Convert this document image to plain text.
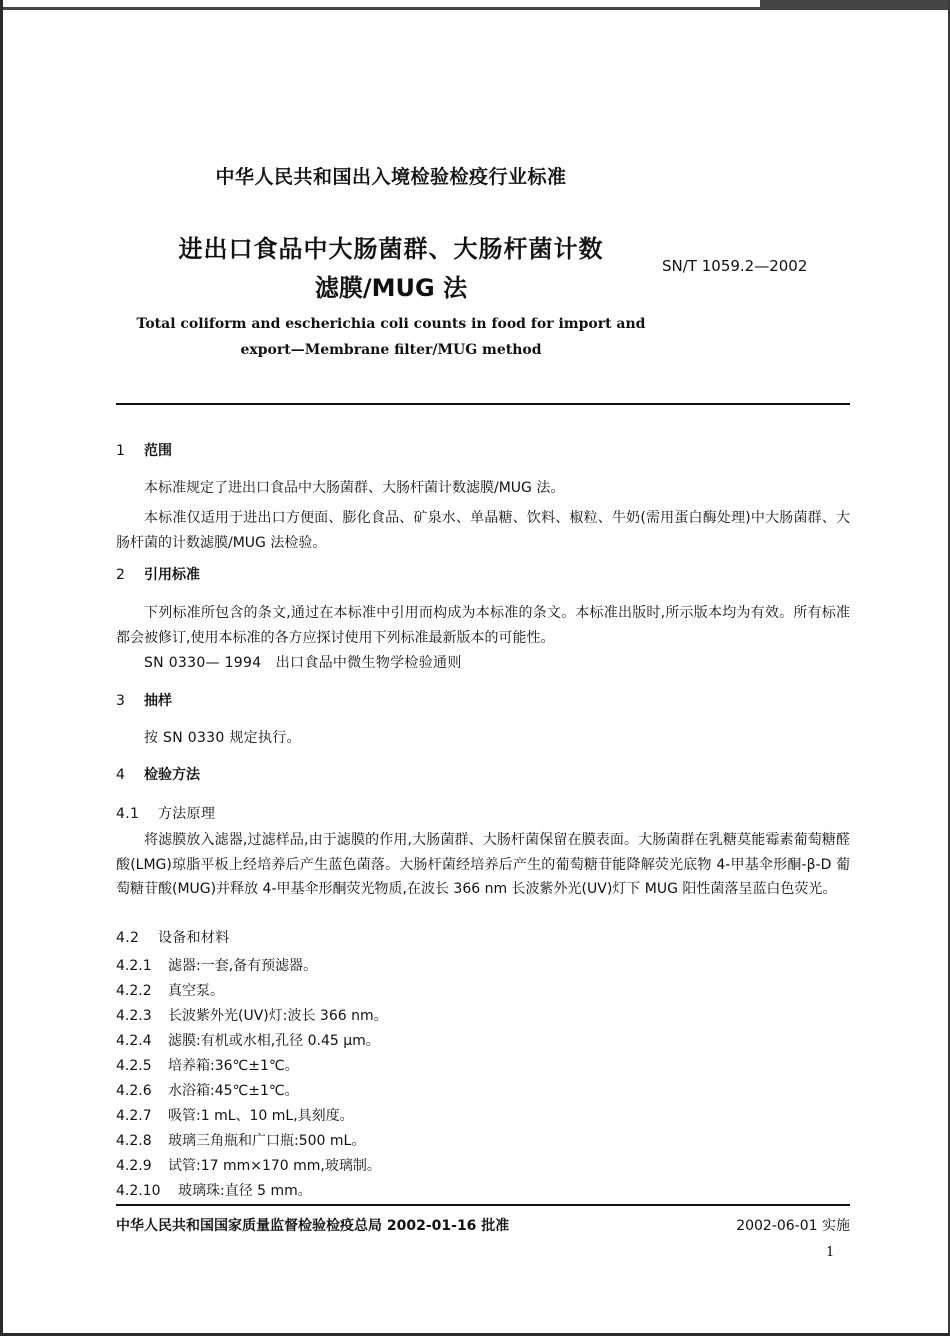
中华人民共和国出入境检验检疫行业标准
进出口食品中大肠菌群、大肠杆菌计数
滤膜/MUG 法
SN/T 1059.2—2002
Total coliform and escherichia coli counts in food for import and
export—Membrane filter/MUG method
1 范围
本标准规定了进出口食品中大肠菌群、大肠杆菌计数滤膜/MUG 法。
本标准仅适用于进出口方便面、膨化食品、矿泉水、单晶糖、饮料、椒粒、牛奶(需用蛋白酶处理)中大肠菌群、大肠杆菌的计数滤膜/MUG 法检验。
2 引用标准
下列标准所包含的条文,通过在本标准中引用而构成为本标准的条文。本标准出版时,所示版本均为有效。所有标准都会被修订,使用本标准的各方应探讨使用下列标准最新版本的可能性。
SN 0330— 1994　出口食品中微生物学检验通则
3 抽样
按 SN 0330 规定执行。
4 检验方法
4.1 方法原理
将滤膜放入滤器,过滤样品,由于滤膜的作用,大肠菌群、大肠杆菌保留在膜表面。大肠菌群在乳糖莫能霉素葡萄糖醛酸(LMG)琼脂平板上经培养后产生蓝色菌落。大肠杆菌经培养后产生的葡萄糖苷能降解荧光底物 4-甲基伞形酮-β-D 葡萄糖苷酸(MUG)并释放 4-甲基伞形酮荧光物质,在波长 366 nm 长波紫外光(UV)灯下 MUG 阳性菌落呈蓝白色荧光。
4.2 设备和材料
4.2.1 滤器:一套,备有预滤器。
4.2.2 真空泵。
4.2.3 长波紫外光(UV)灯:波长 366 nm。
4.2.4 滤膜:有机或水相,孔径 0.45 μm。
4.2.5 培养箱:36℃±1℃。
4.2.6 水浴箱:45℃±1℃。
4.2.7 吸管:1 mL、10 mL,具刻度。
4.2.8 玻璃三角瓶和广口瓶:500 mL。
4.2.9 试管:17 mm×170 mm,玻璃制。
4.2.10 玻璃珠:直径 5 mm。
中华人民共和国国家质量监督检验检疫总局 2002-01-16 批准	2002-06-01 实施
1
